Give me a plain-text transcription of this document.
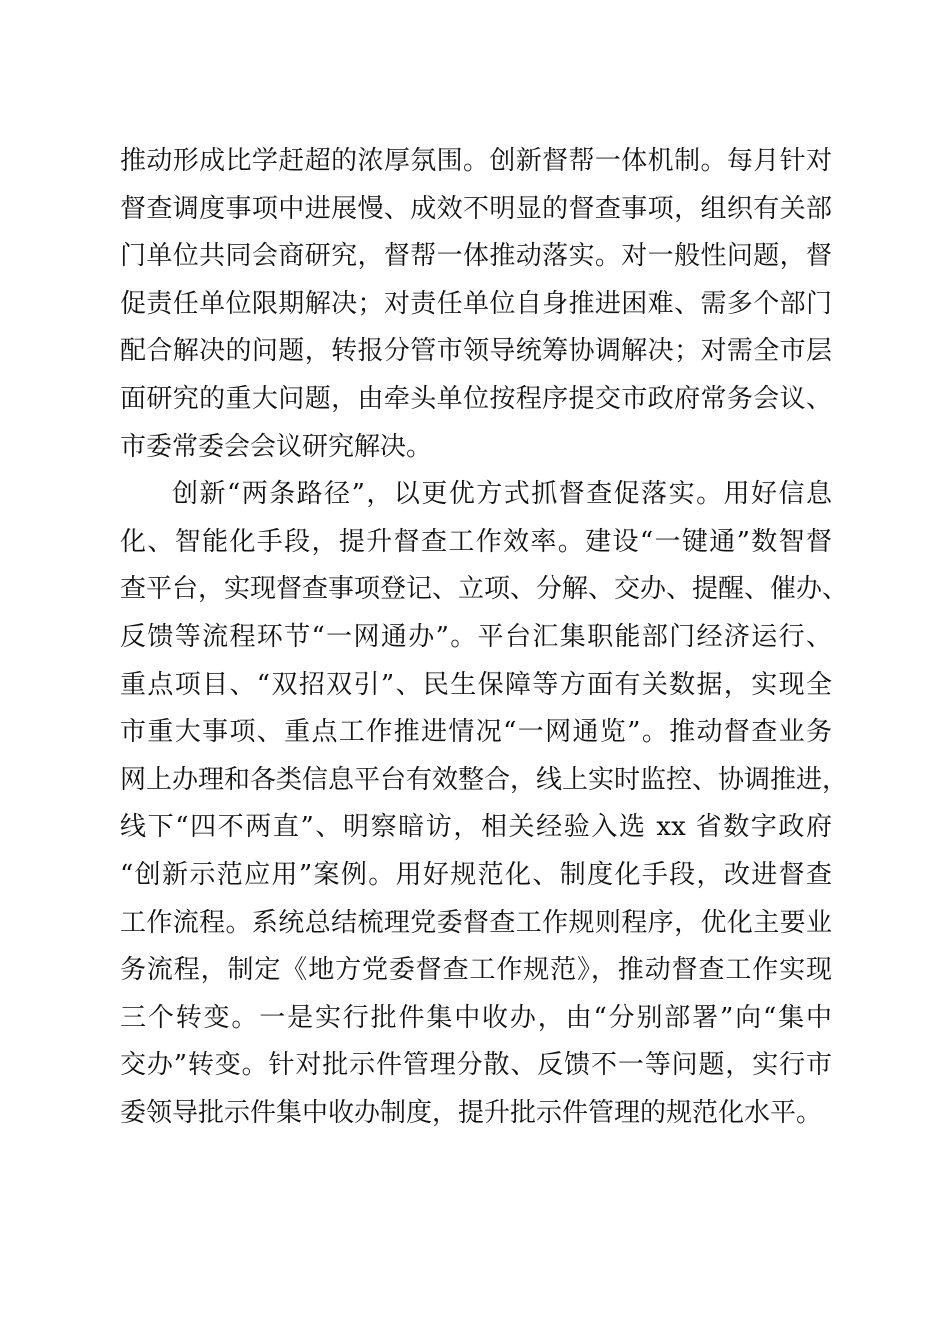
推动形成比学赶超的浓厚氛围。创新督帮一体机制。每月针对
督查调度事项中进展慢、成效不明显的督查事项，组织有关部
门单位共同会商研究，督帮一体推动落实。对一般性问题，督
促责任单位限期解决；对责任单位自身推进困难、需多个部门
配合解决的问题，转报分管市领导统筹协调解决；对需全市层
面研究的重大问题，由牵头单位按程序提交市政府常务会议、
市委常委会会议研究解决。
创新“两条路径”，以更优方式抓督查促落实。用好信息
化、智能化手段，提升督查工作效率。建设“一键通”数智督
查平台，实现督查事项登记、立项、分解、交办、提醒、催办、
反馈等流程环节“一网通办”。平台汇集职能部门经济运行、
重点项目、“双招双引”、民生保障等方面有关数据，实现全
市重大事项、重点工作推进情况“一网通览”。推动督查业务
网上办理和各类信息平台有效整合，线上实时监控、协调推进，
线下“四不两直”、明察暗访，相关经验入选 xx 省数字政府
“创新示范应用”案例。用好规范化、制度化手段，改进督查
工作流程。系统总结梳理党委督查工作规则程序，优化主要业
务流程，制定《地方党委督查工作规范》，推动督查工作实现
三个转变。一是实行批件集中收办，由“分别部署”向“集中
交办”转变。针对批示件管理分散、反馈不一等问题，实行市
委领导批示件集中收办制度，提升批示件管理的规范化水平。
